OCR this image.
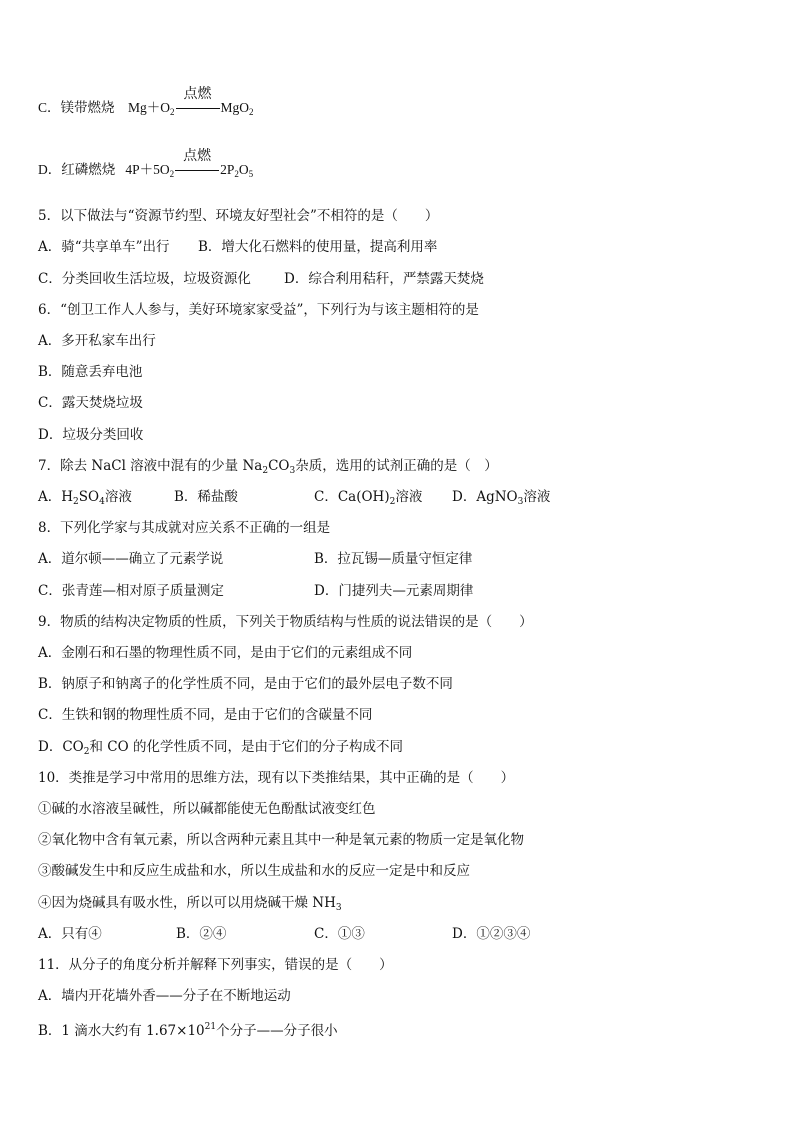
C．镁带燃烧 $Mg+O_2$
点燃
MgO$_2$
D．红磷燃烧 $4P+5O_2$
点燃
$2P_2O_5$
5．以下做法与“资源节约型、环境友好型社会”不相符的是（　　）
A．骑“共享单车”出行 B．增大化石燃料的使用量，提高利用率
C．分类回收生活垃圾，垃圾资源化 D．综合利用秸秆，严禁露天焚烧
6．“创卫工作人人参与，美好环境家家受益”，下列行为与该主题相符的是
A．多开私家车出行
B．随意丢弃电池
C．露天焚烧垃圾
D．垃圾分类回收
7．除去 NaCl 溶液中混有的少量 $Na_2CO_3$杂质，选用的试剂正确的是（　）
A．$H_2SO_4$溶液	B．稀盐酸	C．$Ca(OH)_2$溶液 D．AgNO$_3$溶液
8．下列化学家与其成就对应关系不正确的一组是
A．道尔顿——确立了元素学说	B．拉瓦锡—质量守恒定律
C．张青莲—相对原子质量测定	D．门捷列夫—元素周期律
9．物质的结构决定物质的性质，下列关于物质结构与性质的说法错误的是（　　）
A．金刚石和石墨的物理性质不同，是由于它们的元素组成不同
B．钠原子和钠离子的化学性质不同，是由于它们的最外层电子数不同
C．生铁和钢的物理性质不同，是由于它们的含碳量不同
D．$CO_2$和 CO 的化学性质不同，是由于它们的分子构成不同
10．类推是学习中常用的思维方法，现有以下类推结果，其中正确的是（　　）
①碱的水溶液呈碱性，所以碱都能使无色酚酞试液变红色
②氧化物中含有氧元素，所以含两种元素且其中一种是氧元素的物质一定是氧化物
③酸碱发生中和反应生成盐和水，所以生成盐和水的反应一定是中和反应
④因为烧碱具有吸水性，所以可以用烧碱干燥 $NH_3$
A．只有④	B．②④	C．①③	D．①②③④
11．从分子的角度分析并解释下列事实，错误的是（　　）
A．墙内开花墙外香——分子在不断地运动
B．1 滴水大约有 $1.67\times 10^{21}$个分子——分子很小
